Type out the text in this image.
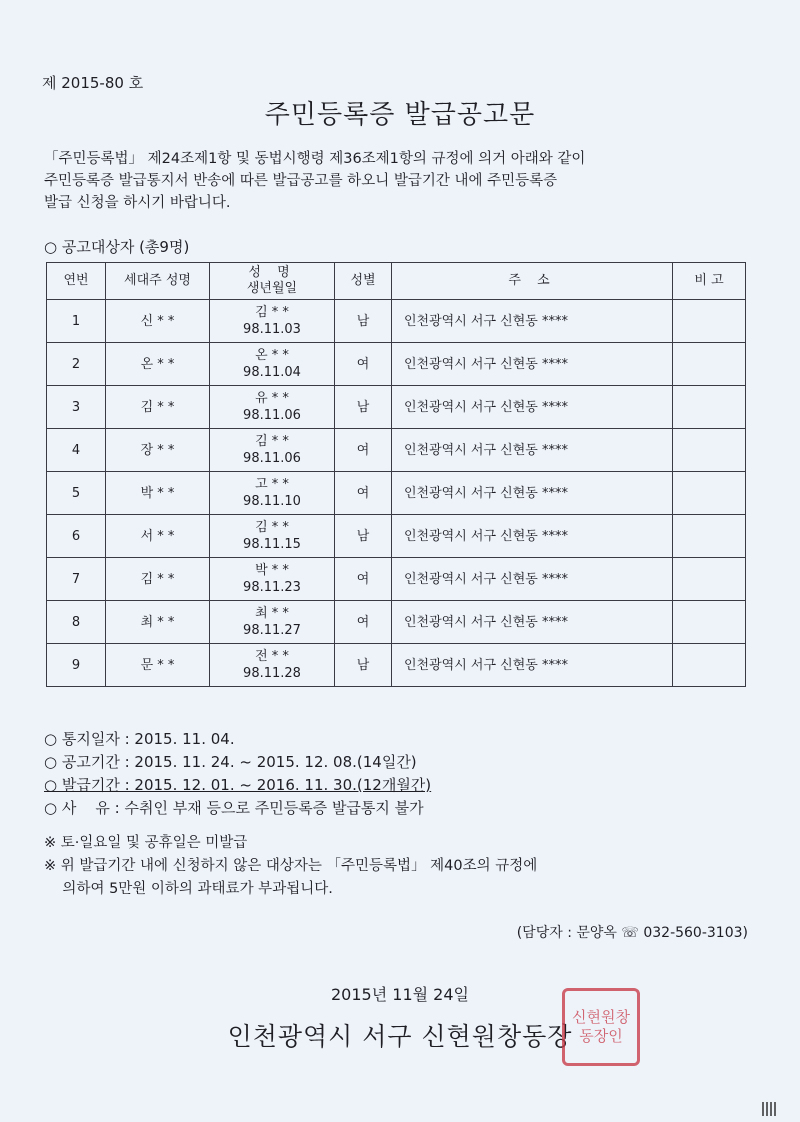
제 2015-80 호
주민등록증 발급공고문
「주민등록법」 제24조제1항 및 동법시행령 제36조제1항의 규정에 의거 아래와 같이
주민등록증 발급통지서 반송에 따른 발급공고를 하오니 발급기간 내에 주민등록증
발급 신청을 하시기 바랍니다.
○ 공고대상자 (총9명)
연번	세대주 성명	성 명
생년월일	성별	주 소	비 고
1	신 * *	김 * *
98.11.03	남	인천광역시 서구 신현동 ****	
2	온 * *	온 * *
98.11.04	여	인천광역시 서구 신현동 ****	
3	김 * *	유 * *
98.11.06	남	인천광역시 서구 신현동 ****	
4	장 * *	김 * *
98.11.06	여	인천광역시 서구 신현동 ****	
5	박 * *	고 * *
98.11.10	여	인천광역시 서구 신현동 ****	
6	서 * *	김 * *
98.11.15	남	인천광역시 서구 신현동 ****	
7	김 * *	박 * *
98.11.23	여	인천광역시 서구 신현동 ****	
8	최 * *	최 * *
98.11.27	여	인천광역시 서구 신현동 ****	
9	문 * *	전 * *
98.11.28	남	인천광역시 서구 신현동 ****	
○ 통지일자 : 2015. 11. 04.
○ 공고기간 : 2015. 11. 24. ~ 2015. 12. 08.(14일간)
○ 발급기간 : 2015. 12. 01. ~ 2016. 11. 30.(12개월간)
○ 사    유 : 수취인 부재 등으로 주민등록증 발급통지 불가
※ 토·일요일 및 공휴일은 미발급
※ 위 발급기간 내에 신청하지 않은 대상자는 「주민등록법」 제40조의 규정에
의하여 5만원 이하의 과태료가 부과됩니다.
(담당자 : 문양옥 ☏ 032-560-3103)
2015년 11월 24일
인천광역시 서구 신현원창동장
신현원창동장인
